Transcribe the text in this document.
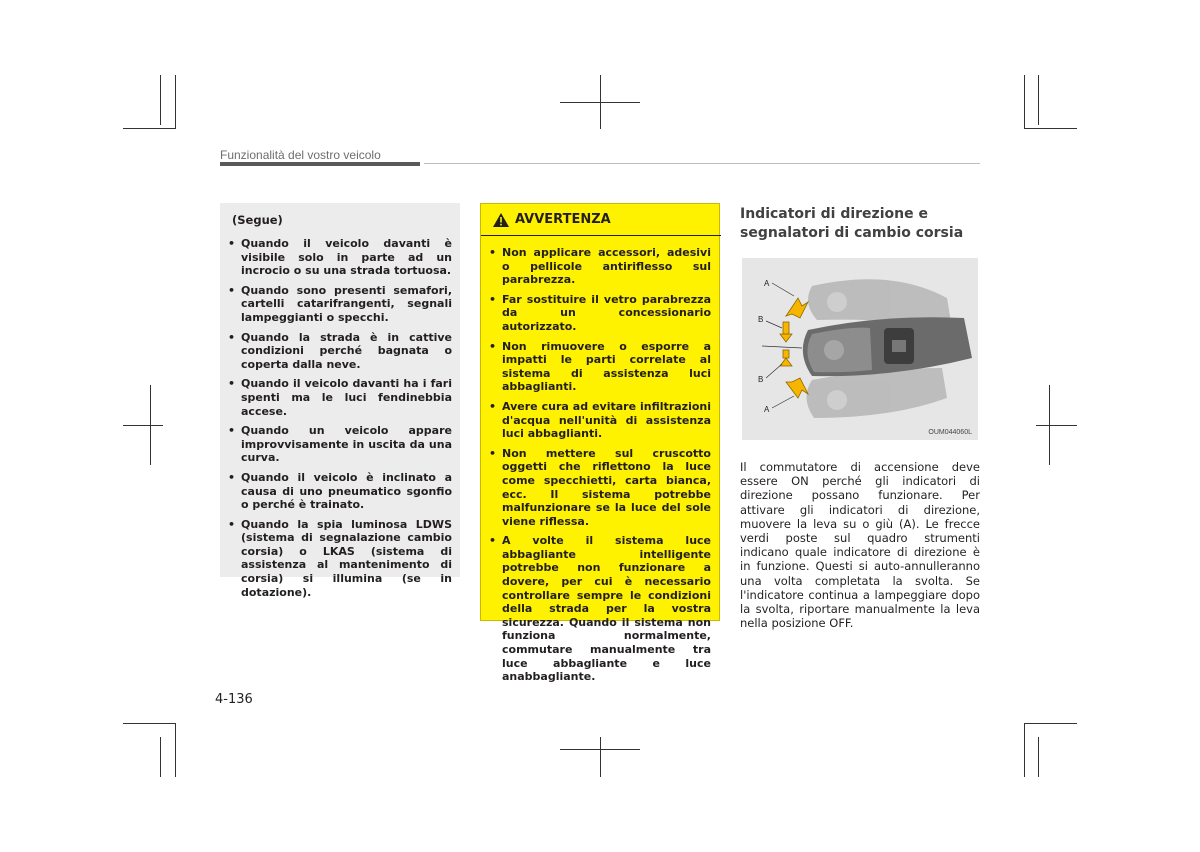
Funzionalità del vostro veicolo
(Segue)
• Quando il veicolo davanti è visibile solo in parte ad un incrocio o su una strada tortuosa.
• Quando sono presenti semafori, cartelli catarifrangenti, segnali lampeggianti o specchi.
• Quando la strada è in cattive condizioni perché bagnata o coperta dalla neve.
• Quando il veicolo davanti ha i fari spenti ma le luci fendinebbia accese.
• Quando un veicolo appare improvvisamente in uscita da una curva.
• Quando il veicolo è inclinato a causa di uno pneumatico sgonfio o perché è trainato.
• Quando la spia luminosa LDWS (sistema di segnalazione cambio corsia) o LKAS (sistema di assistenza al mantenimento di corsia) si illumina (se in dotazione).
AVVERTENZA
• Non applicare accessori, adesivi o pellicole antiriflesso sul parabrezza.
• Far sostituire il vetro parabrezza da un concessionario autorizzato.
• Non rimuovere o esporre a impatti le parti correlate al sistema di assistenza luci abbaglianti.
• Avere cura ad evitare infiltrazioni d'acqua nell'unità di assistenza luci abbaglianti.
• Non mettere sul cruscotto oggetti che riflettono la luce come specchietti, carta bianca, ecc. Il sistema potrebbe malfunzionare se la luce del sole viene riflessa.
• A volte il sistema luce abbagliante intelligente potrebbe non funzionare a dovere, per cui è necessario controllare sempre le condizioni della strada per la vostra sicurezza. Quando il sistema non funziona normalmente, commutare manualmente tra luce abbagliante e luce anabbagliante.
Indicatori di direzione e
segnalatori di cambio corsia
A
B
B
A
OUM044060L
Il commutatore di accensione deve essere ON perché gli indicatori di direzione possano funzionare. Per attivare gli indicatori di direzione, muovere la leva su o giù (A). Le frecce verdi poste sul quadro strumenti indicano quale indicatore di direzione è in funzione. Questi si auto-annulleranno una volta completata la svolta. Se l'indicatore continua a lampeggiare dopo la svolta, riportare manualmente la leva nella posizione OFF.
4-136
